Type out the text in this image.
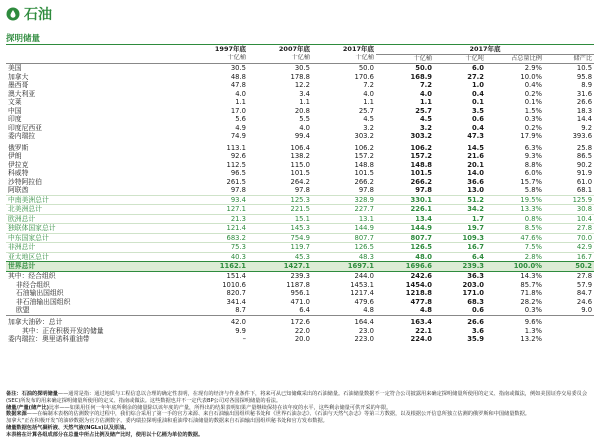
石油
探明储量
	1997年底	2007年底	2017年底	2017年底			
	十亿桶	十亿桶	十亿桶	十亿桶	十亿吨	占总量比例	储产比
美国	30.5	30.5	50.0	50.0	6.0	2.9%	10.5
加拿大	48.8	178.8	170.6	168.9	27.2	10.0%	95.8
墨西哥	47.8	12.2	7.2	7.2	1.0	0.4%	8.9
澳大利亚	4.0	3.4	4.0	4.0	0.4	0.2%	31.6
文莱	1.1	1.1	1.1	1.1	0.1	0.1%	26.6
中国	17.0	20.8	25.7	25.7	3.5	1.5%	18.3
印度	5.6	5.5	4.5	4.5	0.6	0.3%	14.4
印度尼西亚	4.9	4.0	3.2	3.2	0.4	0.2%	9.2
委内瑞拉	74.9	99.4	303.2	303.2	47.3	17.9%	393.6

俄罗斯	113.1	106.4	106.2	106.2	14.5	6.3%	25.8
伊朗	92.6	138.2	157.2	157.2	21.6	9.3%	86.5
伊拉克	112.5	115.0	148.8	148.8	20.1	8.8%	90.2
科威特	96.5	101.5	101.5	101.5	14.0	6.0%	91.9
沙特阿拉伯	261.5	264.2	266.2	266.2	36.6	15.7%	61.0
阿联酋	97.8	97.8	97.8	97.8	13.0	5.8%	68.1
中南美洲总计	93.4	125.3	328.9	330.1	51.2	19.5%	125.9
北美洲总计	127.1	221.5	227.7	226.1	34.2	13.3%	30.8
欧洲总计	21.3	15.1	13.1	13.4	1.7	0.8%	10.4
独联体国家总计	121.4	145.3	144.9	144.9	19.7	8.5%	27.8
中东国家总计	683.2	754.9	807.7	807.7	109.3	47.6%	70.0
非洲总计	75.3	119.7	126.5	126.5	16.7	7.5%	42.9
亚太地区总计	40.3	45.3	48.3	48.0	6.4	2.8%	16.7
世界总计	1162.1	1427.1	1697.1	1696.6	239.3	100.0%	50.2
其中：经合组织	151.4	239.3	244.0	242.6	36.3	14.3%	27.8
非经合组织	1010.6	1187.8	1453.1	1454.0	203.0	85.7%	57.9
石油输出国组织	820.7	956.1	1217.4	1218.8	171.0	71.8%	84.7
非石油输出国组织	341.4	471.0	479.6	477.8	68.3	28.2%	24.6
欧盟	8.7	6.4	4.8	4.8	0.6	0.3%	9.0

加拿大油砂：总计	42.0	172.6	164.4	163.4	26.6	9.6%	
其中：正在积极开发的储量	9.9	22.0	23.0	22.1	3.6	1.3%	
委内瑞拉：奥里诺科重油带	–	20.0	223.0	224.0	35.9	13.2%	

备注：石油的探明储量——通常是指：通过地质与工程信息以合理的确定性表明，在现有的经济与作业条件下，将来可从已知储藏采出的石油储量。石油储量数据不一定符合公司披露用来确定探明储量所使用的定义、指南或做法，例如美国证券交易委员会(SEC)所发布的用来确定探明储量所使用的定义、指南或做法。这些数据也并不一定代表BP公司对各国探明储量的看法。

储量/产量(储产比)比率——如果用任何一年年底所剩余的储量除以该年度的产量，所得出的结果表明如果产量继续保持在该年度的水平，这些剩余储量可供开采的年限。

数据来源——在编制本表格的估测数字的过程中，我们综合采用了第一手的官方来源、来自石油输出国组织秘书处和《世界石油杂志》、《石油与天然气杂志》等第三方数据，以及根据公开信息所独立估测的俄罗斯和中国储量数据。

加拿大“正在积极开发”的油砂数据为官方估测数字。委内瑞拉探明重油和重油带石油储量的数据来自石油输出国组织秘书处和官方发布数据。

储量数据包括气凝析液、天然气液(NGLs)以及原油。

本表格在计算各组成部分在总量中所占比例及储产比时，使用以十亿桶为单位的数据。
